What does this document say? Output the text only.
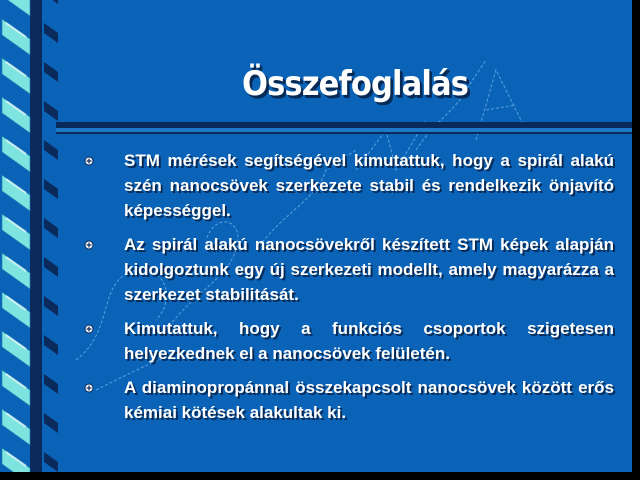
Összefoglalás
STM mérések segítségével kimutattuk, hogy a spirál alakú szén nanocsövek szerkezete stabil és rendelkezik önjavító képességgel.
Az spirál alakú nanocsövekről készített STM képek alapján kidolgoztunk egy új szerkezeti modellt, amely magyarázza a szerkezet stabilitását.
Kimutattuk, hogy a funkciós csoportok szigetesen helyezkednek el a nanocsövek felületén.
A diaminopropánnal összekapcsolt nanocsövek között erős kémiai kötések alakultak ki.
